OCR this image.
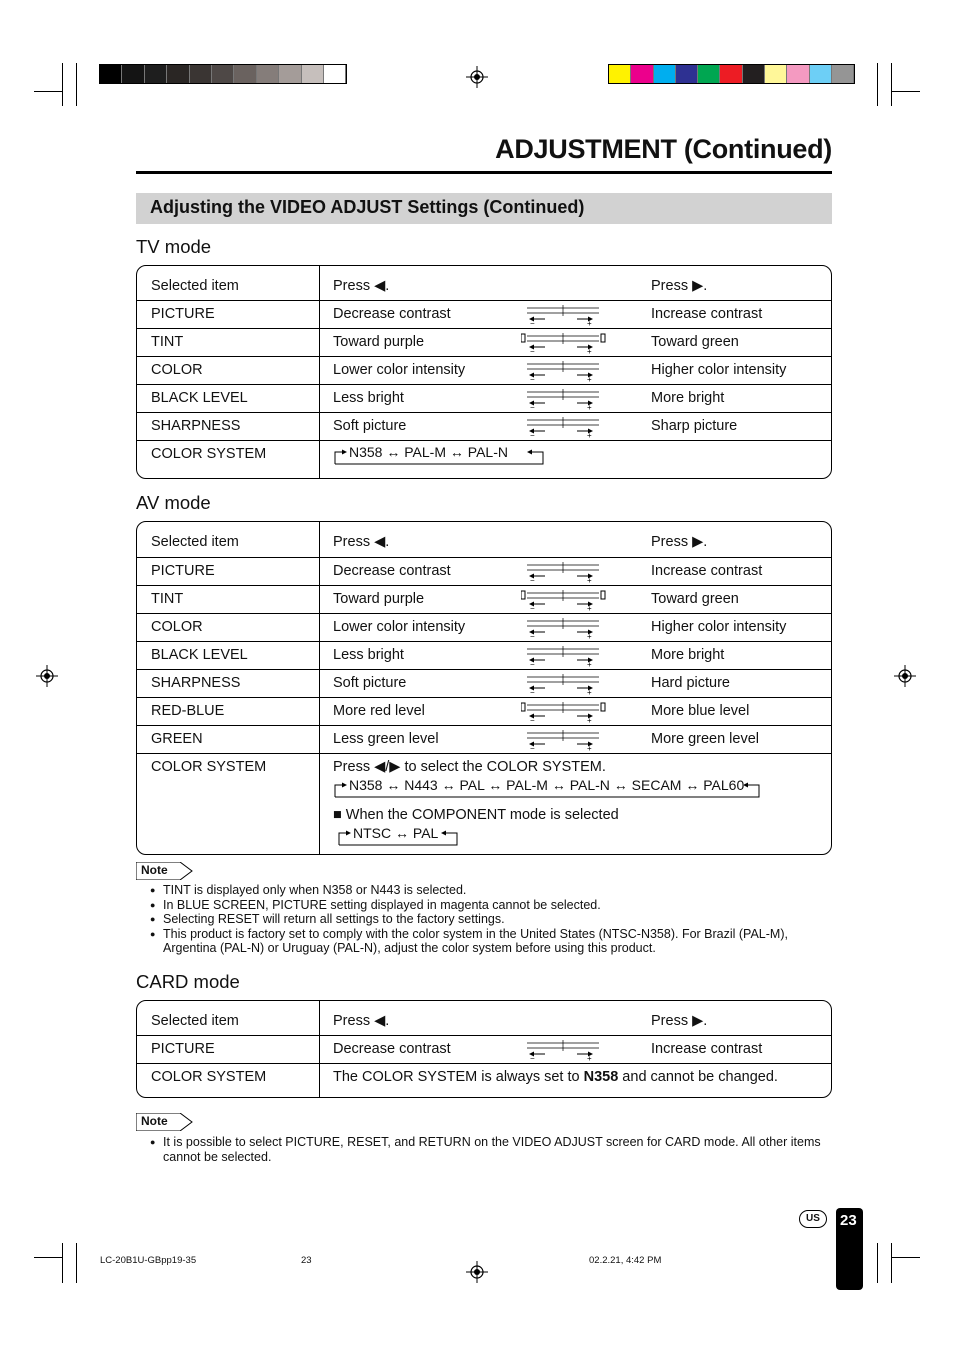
ADJUSTMENT (Continued)
Adjusting the VIDEO ADJUST Settings (Continued)
TV mode
Selected item	Press ◀.	Press ▶.
PICTURE	Decrease contrast	Increase contrast
−	+
TINT	Toward purple	Toward green
−	+
COLOR	Lower color intensity	Higher color intensity
−	+
BLACK LEVEL	Less bright	More bright
−	+
SHARPNESS	Soft picture	Sharp picture
−	+
COLOR SYSTEM	N358 ↔ PAL-M ↔ PAL-N
AV mode
Selected item	Press ◀.	Press ▶.
PICTURE	Decrease contrast	Increase contrast
−	+
TINT	Toward purple	Toward green
−	+
COLOR	Lower color intensity	Higher color intensity
−	+
BLACK LEVEL	Less bright	More bright
−	+
SHARPNESS	Soft picture	Hard picture
−	+
RED-BLUE	More red level	More blue level
−	+
GREEN	Less green level	More green level
−	+
COLOR SYSTEM	Press ◀/▶ to select the COLOR SYSTEM.
N358 ↔ N443 ↔ PAL ↔ PAL-M ↔ PAL-N ↔ SECAM ↔ PAL60
■ When the COMPONENT mode is selected
NTSC ↔ PAL
Note
● TINT is displayed only when N358 or N443 is selected.
● In BLUE SCREEN, PICTURE setting displayed in magenta cannot be selected.
● Selecting RESET will return all settings to the factory settings.
● This product is factory set to comply with the color system in the United States (NTSC-N358). For Brazil (PAL-M), Argentina (PAL-N) or Uruguay (PAL-N), adjust the color system before using this product.
CARD mode
Selected item	Press ◀.	Press ▶.
PICTURE	Decrease contrast	Increase contrast
−	+
COLOR SYSTEM	The COLOR SYSTEM is always set to N358 and cannot be changed.
Note
● It is possible to select PICTURE, RESET, and RETURN on the VIDEO ADJUST screen for CARD mode. All other items cannot be selected.
US	23
LC-20B1U-GBpp19-35	23	02.2.21, 4:42 PM
